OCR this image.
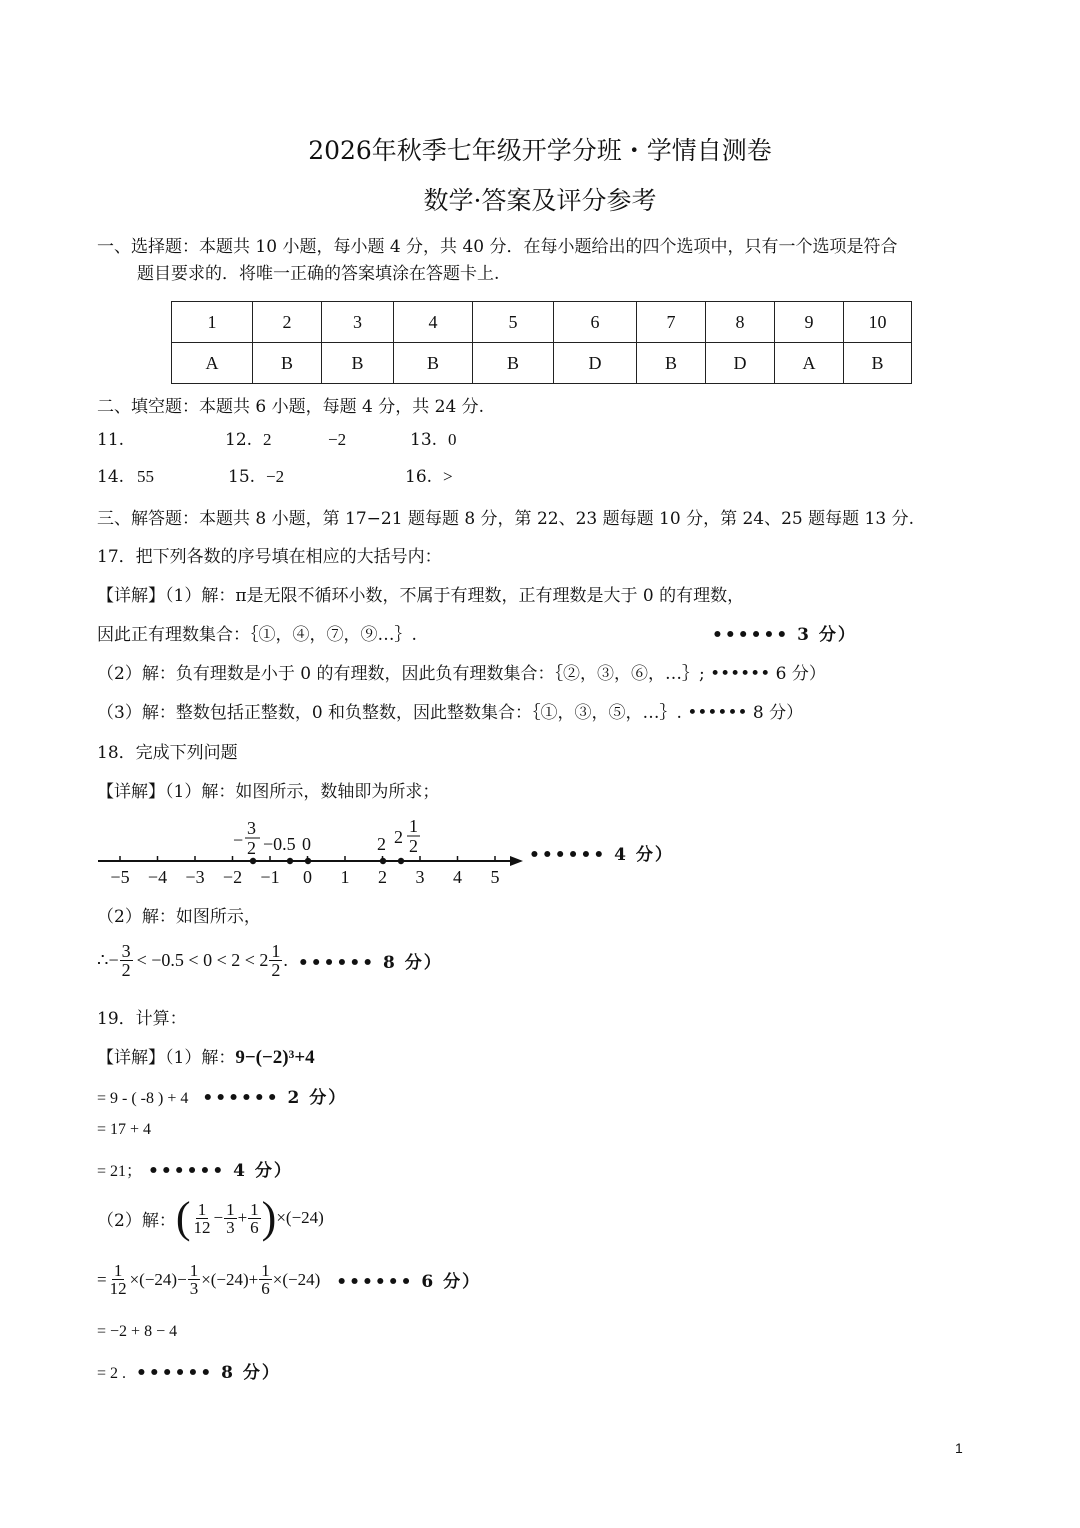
2026年秋季七年级开学分班・学情自测卷
数学·答案及评分参考
一、选择题：本题共 10 小题，每小题 4 分，共 40 分．在每小题给出的四个选项中，只有一个选项是符合
题目要求的．将唯一正确的答案填涂在答题卡上.
1	2	3	4	5	6	7	8	9	10
A	B	B	B	B	D	B	D	A	B
二、填空题：本题共 6 小题，每题 4 分，共 24 分.
11.	12. 2	−2	13. 0
14. 55	15. −2	16. >
三、解答题：本题共 8 小题，第 17−21 题每题 8 分，第 22、23 题每题 10 分，第 24、25 题每题 13 分.
17．把下列各数的序号填在相应的大括号内：
【详解】（1）解：π是无限不循环小数，不属于有理数，正有理数是大于 0 的有理数，
因此正有理数集合：｛①，④，⑦，⑨…｝.	•••••• 3 分）
（2）解：负有理数是小于 0 的有理数，因此负有理数集合：｛②，③，⑥，…｝; •••••• 6 分）
（3）解：整数包括正整数，0 和负整数，因此整数集合：｛①，③，⑤，…｝. •••••• 8 分）
18．完成下列问题
【详解】（1）解：如图所示，数轴即为所求；
−5 −4 −3 −2 −1 0 1 2 3 4 5
−
3
2 −0.5 0	2 2
1
2	•••••• 4 分）
（2）解：如图所示，
∴− $\frac{3}{2} < -0.5 < 0 < 2 < 2 \frac{1}{2}$ . •••••• 8 分）
19．计算：
【详解】（1）解：9−(−2)³+4
= 9 - ( -8 ) + 4 •••••• 2 分）
= 17 + 4
= 21； •••••• 4 分）
（2）解： ( $\frac{1}{12} - \frac{1}{3} + \frac{1}{6}$ ) ×(−24)
= $\frac{1}{12} \times(-24)- \frac{1}{3} \times(-24)+ \frac{1}{6} \times(-24)$ •••••• 6 分）
= −2 + 8 − 4
= 2 . •••••• 8 分）
1
